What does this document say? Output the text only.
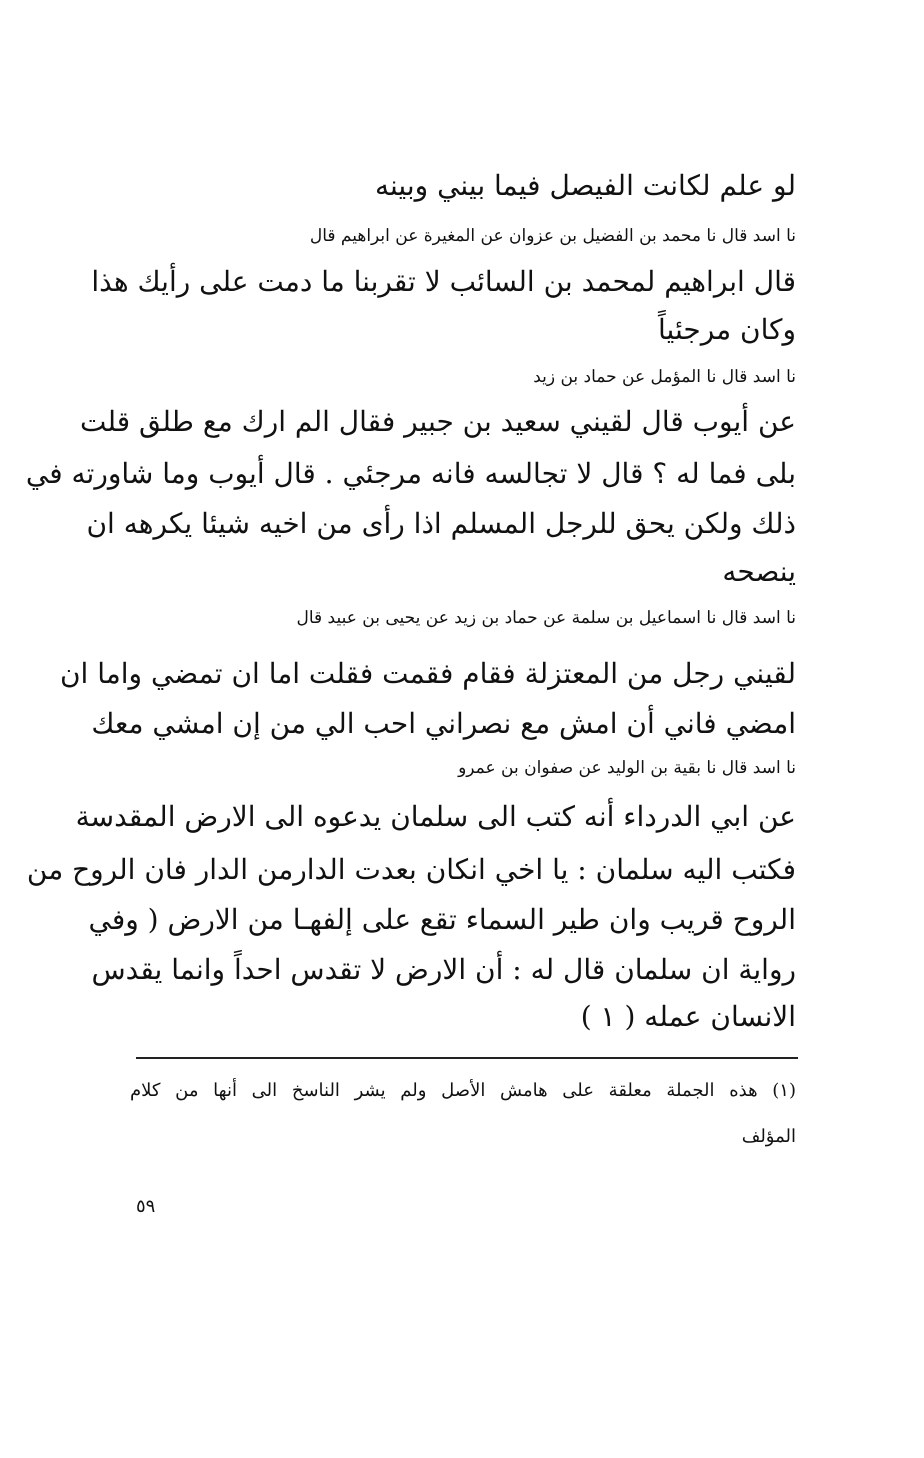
لو علم لكانت الفيصل فيما بيني وبينه
نا اسد قال نا محمد بن الفضيل بن عزوان عن المغيرة عن ابراهيم قال
قال ابراهيم لمحمد بن السائب لا تقربنا ما دمت على رأيك هذا
وكان مرجئياً
نا اسد قال نا المؤمل عن حماد بن زيد
عن أيوب قال لقيني سعيد بن جبير فقال الم ارك مع طلق قلت
بلى فما له ؟ قال لا تجالسه فانه مرجئي . قال أيوب وما شاورته في
ذلك ولكن يحق للرجل المسلم اذا رأى من اخيه شيئا يكرهه ان
ينصحه
نا اسد قال نا اسماعيل بن سلمة عن حماد بن زيد عن يحيى بن عبيد قال
لقيني رجل من المعتزلة فقام فقمت فقلت اما ان تمضي واما ان
امضي فاني أن امش مع نصراني احب الي من إن امشي معك
نا اسد قال نا بقية بن الوليد عن صفوان بن عمرو
عن ابي الدرداء أنه كتب الى سلمان يدعوه الى الارض المقدسة
فكتب اليه سلمان : يا اخي انكان بعدت الدارمن الدار فان الروح من
الروح قريب وان طير السماء تقع على إلفهـا من الارض ( وفي
رواية ان سلمان قال له : أن الارض لا تقدس احداً وانما يقدس
الانسان عمله ( ١ )
(١) هذه الجملة معلقة على هامش الأصل ولم يشر الناسخ الى أنها من كلام
المؤلف
٥٩
